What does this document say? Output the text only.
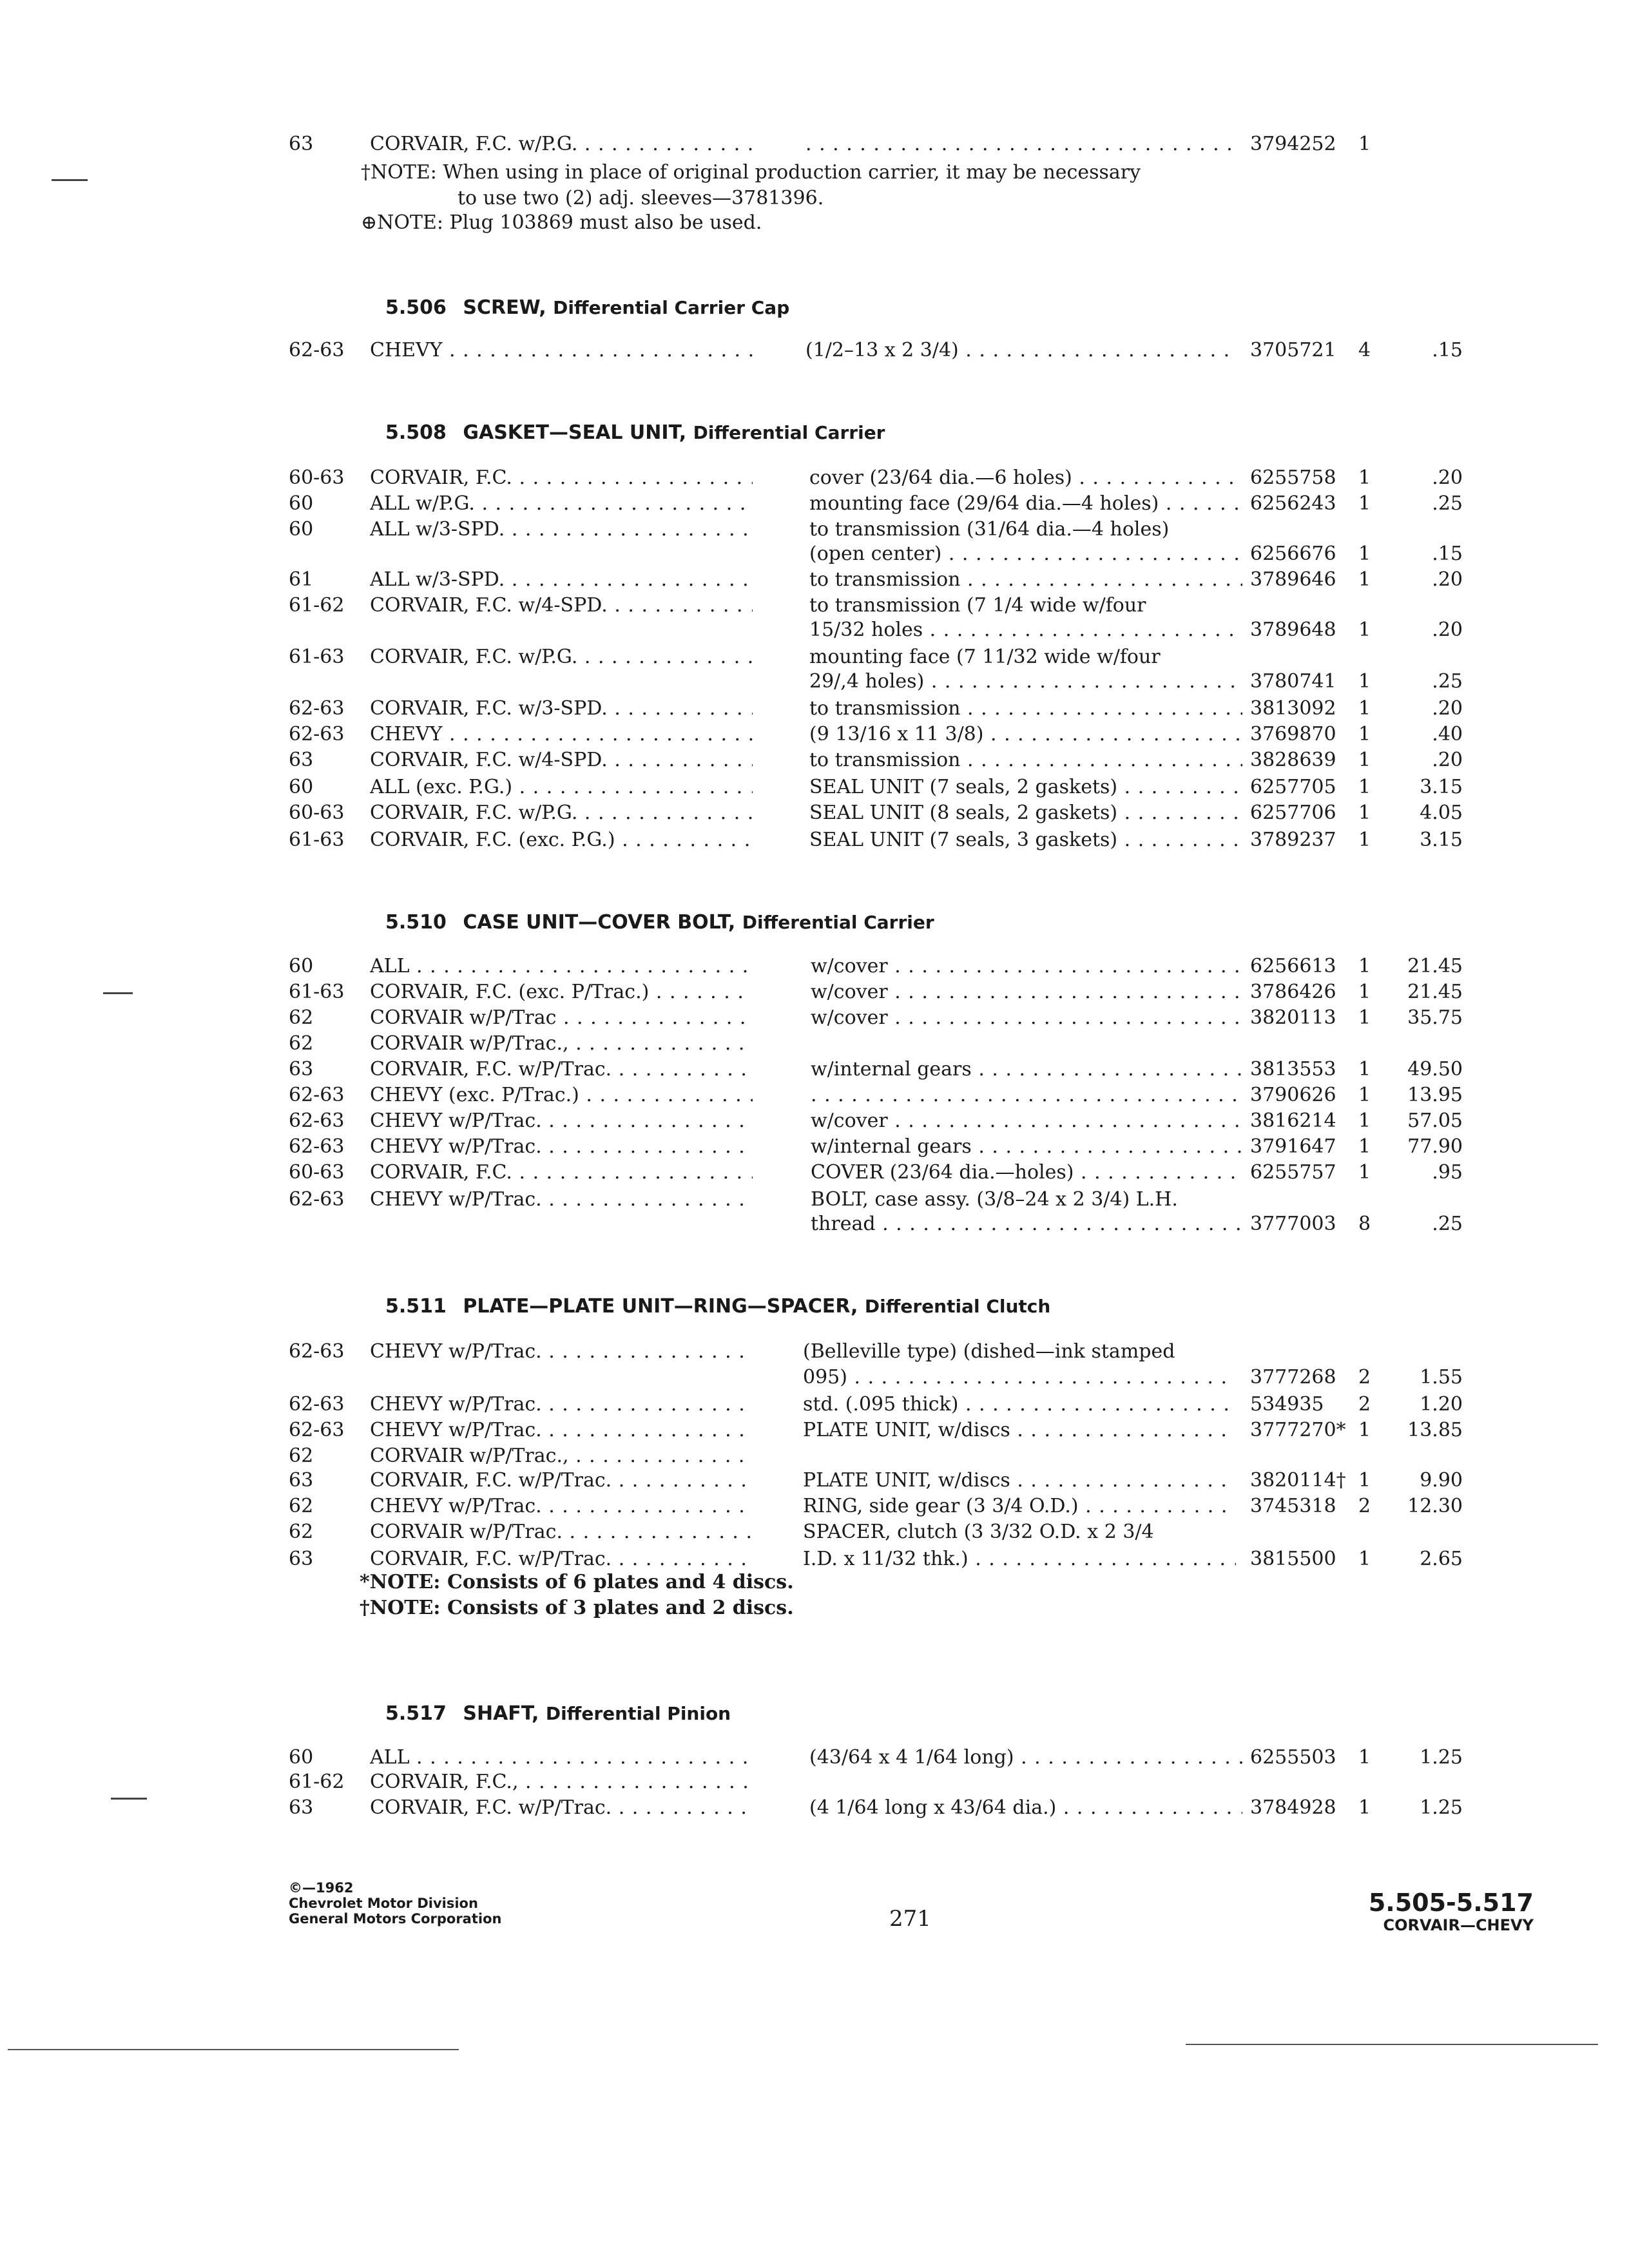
63	CORVAIR, F.C. w/P.G. . . . . . .	3794252 1
†NOTE: When using in place of original production carrier, it may be necessary
to use two (2) adj. sleeves—3781396.
⊕NOTE: Plug 103869 must also be used.
5.506  SCREW, Differential Carrier Cap
62-63 CHEVY . . .	(1/2–13 x 2 3/4) . . .	3705721 4	.15
5.508  GASKET—SEAL UNIT, Differential Carrier
60-63 CORVAIR, F.C. . . .	cover (23/64 dia.—6 holes) . . .	6255758 1	.20
60	ALL w/P.G. . . .	mounting face (29/64 dia.—4 holes) . . .	6256243 1	.25
60	ALL w/3-SPD. . . .	to transmission (31/64 dia.—4 holes)
(open center) . . .	6256676 1	.15
61	ALL w/3-SPD. . . .	to transmission . . .	3789646 1	.20
61-62 CORVAIR, F.C. w/4-SPD. . . .	to transmission (7 1/4 wide w/four
15/32 holes . . .	3789648 1	.20
61-63 CORVAIR, F.C. w/P.G. . . .	mounting face (7 11/32 wide w/four
29/,4 holes) . . .	3780741 1	.25
62-63 CORVAIR, F.C. w/3-SPD. . . .	to transmission . . .	3813092 1	.20
62-63 CHEVY . . .	(9 13/16 x 11 3/8) . . .	3769870 1	.40
63	CORVAIR, F.C. w/4-SPD. . . .	to transmission . . .	3828639 1	.20
60	ALL (exc. P.G.) . . .	SEAL UNIT (7 seals, 2 gaskets) . . .	6257705 1	3.15
60-63 CORVAIR, F.C. w/P.G. . . .	SEAL UNIT (8 seals, 2 gaskets) . . .	6257706 1	4.05
61-63 CORVAIR, F.C. (exc. P.G.) . . .	SEAL UNIT (7 seals, 3 gaskets) . . .	3789237 1	3.15
5.510  CASE UNIT—COVER BOLT, Differential Carrier
60	ALL . . .	w/cover . . .	6256613 1	21.45
61-63 CORVAIR, F.C. (exc. P/Trac.) . . .	w/cover . . .	3786426 1	21.45
62	CORVAIR w/P/Trac . . .	w/cover . . .	3820113 1	35.75
62	CORVAIR w/P/Trac., . . .
63	CORVAIR, F.C. w/P/Trac. . . .	w/internal gears . . .	3813553 1	49.50
62-63 CHEVY (exc. P/Trac.) . . . . . .	3790626 1	13.95
62-63 CHEVY w/P/Trac. . . .	w/cover . . .	3816214 1	57.05
62-63 CHEVY w/P/Trac. . . .	w/internal gears . . .	3791647 1	77.90
60-63 CORVAIR, F.C. . . .	COVER (23/64 dia.—holes) . . .	6255757 1	.95
62-63 CHEVY w/P/Trac. . . .	BOLT, case assy. (3/8–24 x 2 3/4) L.H.
thread . . .	3777003 8	.25
5.511  PLATE—PLATE UNIT—RING—SPACER, Differential Clutch
62-63 CHEVY w/P/Trac. . . .	(Belleville type) (dished—ink stamped
095) . . .	3777268 2	1.55
62-63 CHEVY w/P/Trac. . . .	std. (.095 thick) . . .	534935 2	1.20
62-63 CHEVY w/P/Trac. . . .	PLATE UNIT, w/discs . . .	3777270* 1	13.85
62	CORVAIR w/P/Trac., . . .
63	CORVAIR, F.C. w/P/Trac. . . .	PLATE UNIT, w/discs . . .	3820114† 1	9.90
62	CHEVY w/P/Trac. . . .	RING, side gear (3 3/4 O.D.) . . .	3745318 2	12.30
62	CORVAIR w/P/Trac. . . .	SPACER, clutch (3 3/32 O.D. x 2 3/4
63	CORVAIR, F.C. w/P/Trac. . . .	I.D. x 11/32 thk.) . . .	3815500 1	2.65
*NOTE: Consists of 6 plates and 4 discs.
†NOTE: Consists of 3 plates and 2 discs.
5.517  SHAFT, Differential Pinion
60	ALL . . .	(43/64 x 4 1/64 long) . . .	6255503 1	1.25
61-62 CORVAIR, F.C., . . .
63	CORVAIR, F.C. w/P/Trac. . . .	(4 1/64 long x 43/64 dia.) . . .	3784928 1	1.25
©—1962
Chevrolet Motor Division
General Motors Corporation	271
5.505-5.517
CORVAIR—CHEVY
